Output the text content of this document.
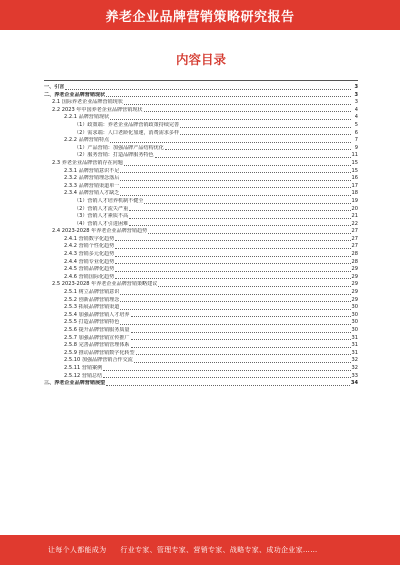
养老企业品牌营销策略研究报告
内容目录
一、引言	3
二、养老企业品牌营销现状	3
2.1 国际养老企业品牌营销现状	3
2.2 2023 年中国养老企业品牌营销现状	4
2.2.1 品牌营销现状	4
（1）政策端：养老企业品牌营销政策持续完善	5
（2）需求端：人口老龄化加速，消费需求多样	6
2.2.2 品牌营销特点	7
（1）产品营销：加强品牌产品结构优化	9
（2）服务营销：打造品牌服务特色	11
2.3 养老企业品牌营销存在问题	15
2.3.1 品牌营销意识不足	15
2.3.2 品牌营销理念落后	16
2.3.3 品牌营销渠道单一	17
2.3.4 品牌营销人才缺乏	18
（1）营销人才培养机制不健全	19
（2）营销人才流失严重	20
（3）营销人才素质不高	21
（4）营销人才引进困难	22
2.4 2023-2028 年养老企业品牌营销趋势	27
2.4.1 营销数字化趋势	27
2.4.2 营销个性化趋势	27
2.4.3 营销多元化趋势	28
2.4.4 营销专业化趋势	28
2.4.5 营销品牌化趋势	29
2.4.6 营销国际化趋势	29
2.5 2023-2028 年养老企业品牌营销策略建议	29
2.5.1 树立品牌营销意识	29
2.5.2 创新品牌营销理念	29
2.5.3 拓展品牌营销渠道	30
2.5.4 加强品牌营销人才培养	30
2.5.5 打造品牌营销特色	30
2.5.6 提升品牌营销服务质量	30
2.5.7 加强品牌营销宣传推广	31
2.5.8 完善品牌营销管理体系	31
2.5.9 推动品牌营销数字化转型	31
2.5.10 加强品牌营销合作交流	32
2.5.11 营销案例	32
2.5.12 营销总结	33
三、养老企业品牌营销展望	34
让每个人都能成为 行业专家、管理专家、营销专家、战略专家、成功企业家……
